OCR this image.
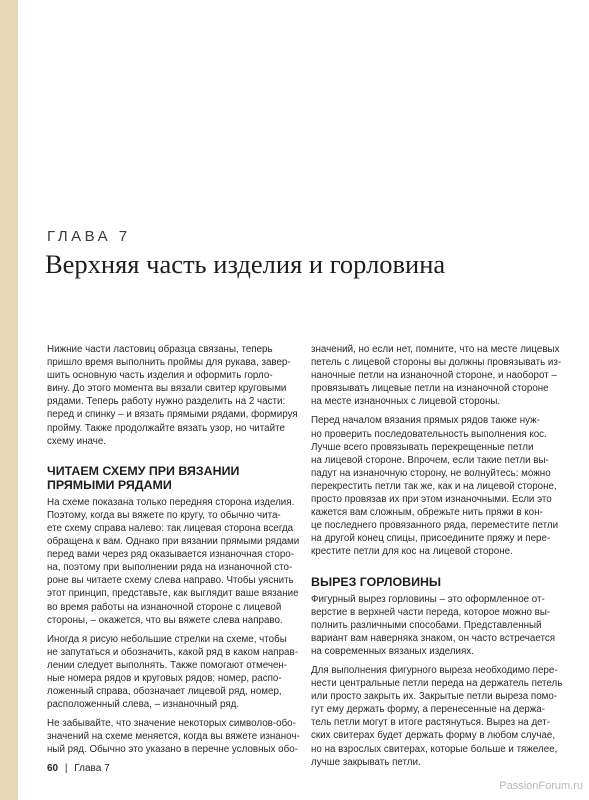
ГЛАВА 7
Верхняя часть изделия и горловина

Нижние части ластовиц образца связаны, теперь
пришло время выполнить проймы для рукава, завер-
шить основную часть изделия и оформить горло-
вину. До этого момента вы вязали свитер круговыми
рядами. Теперь работу нужно разделить на 2 части:
перед и спинку – и вязать прямыми рядами, формируя
пройму. Также продолжайте вязать узор, но читайте
схему иначе.

ЧИТАЕМ СХЕМУ ПРИ ВЯЗАНИИ
ПРЯМЫМИ РЯДАМИ

На схеме показана только передняя сторона изделия.
Поэтому, когда вы вяжете по кругу, то обычно чита-
ете схему справа налево: так лицевая сторона всегда
обращена к вам. Однако при вязании прямыми рядами
перед вами через ряд оказывается изнаночная сторо-
на, поэтому при выполнении ряда на изнаночной сто-
роне вы читаете схему слева направо. Чтобы уяснить
этот принцип, представьте, как выглядит ваше вязание
во время работы на изнаночной стороне с лицевой
стороны, – окажется, что вы вяжете слева направо.

Иногда я рисую небольшие стрелки на схеме, чтобы
не запутаться и обозначить, какой ряд в каком направ-
лении следует выполнять. Также помогают отмечен-
ные номера рядов и круговых рядов: номер, распо-
ложенный справа, обозначает лицевой ряд, номер,
расположенный слева, – изнаночный ряд.

Не забывайте, что значение некоторых символов-обо-
значений на схеме меняется, когда вы вяжете изнаноч-
ный ряд. Обычно это указано в перечне условных обо-

значений, но если нет, помните, что на месте лицевых
петель с лицевой стороны вы должны провязывать из-
наночные петли на изнаночной стороне, и наоборот –
провязывать лицевые петли на изнаночной стороне
на месте изнаночных с лицевой стороны.

Перед началом вязания прямых рядов также нуж-
но проверить последовательность выполнения кос.
Лучше всего провязывать перекрещенные петли
на лицевой стороне. Впрочем, если такие петли вы-
падут на изнаночную сторону, не волнуйтесь: можно
перекрестить петли так же, как и на лицевой стороне,
просто провязав их при этом изнаночными. Если это
кажется вам сложным, обрежьте нить пряжи в кон-
це последнего провязанного ряда, переместите петли
на другой конец спицы, присоедините пряжу и пере-
крестите петли для кос на лицевой стороне.

ВЫРЕЗ ГОРЛОВИНЫ

Фигурный вырез горловины – это оформленное от-
верстие в верхней части переда, которое можно вы-
полнить различными способами. Представленный
вариант вам наверняка знаком, он часто встречается
на современных вязаных изделиях.

Для выполнения фигурного выреза необходимо пере-
нести центральные петли переда на держатель петель
или просто закрыть их. Закрытые петли выреза помо-
гут ему держать форму, а перенесенные на держа-
тель петли могут в итоге растянуться. Вырез на дет-
ских свитерах будет держать форму в любом случае,
но на взрослых свитерах, которые больше и тяжелее,
лучше закрывать петли.

60 | Глава 7
PassionForum.ru
